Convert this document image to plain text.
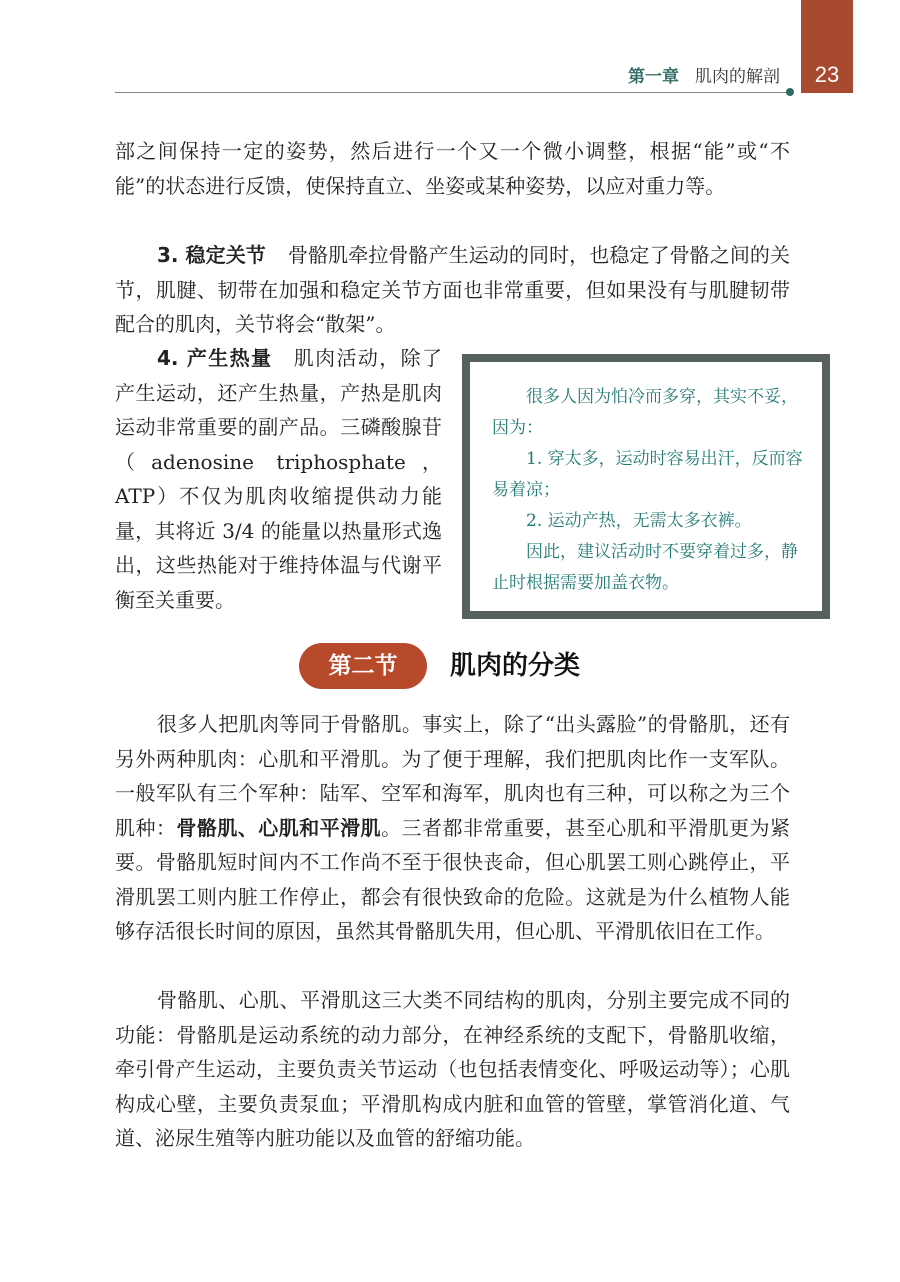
23
第一章 肌肉的解剖
部之间保持一定的姿势，然后进行一个又一个微小调整，根据“能”或“不能”的状态进行反馈，使保持直立、坐姿或某种姿势，以应对重力等。
3. 稳定关节 骨骼肌牵拉骨骼产生运动的同时，也稳定了骨骼之间的关节，肌腱、韧带在加强和稳定关节方面也非常重要，但如果没有与肌腱韧带配合的肌肉，关节将会“散架”。
4. 产生热量 肌肉活动，除了产生运动，还产生热量，产热是肌肉运动非常重要的副产品。三磷酸腺苷（adenosine triphosphate，ATP）不仅为肌肉收缩提供动力能量，其将近 3/4 的能量以热量形式逸出，这些热能对于维持体温与代谢平衡至关重要。

很多人因为怕冷而多穿，其实不妥，因为：

1. 穿太多，运动时容易出汗，反而容易着凉；

2. 运动产热，无需太多衣裤。

因此，建议活动时不要穿着过多，静止时根据需要加盖衣物。

第二节	肌肉的分类
很多人把肌肉等同于骨骼肌。事实上，除了“出头露脸”的骨骼肌，还有另外两种肌肉：心肌和平滑肌。为了便于理解，我们把肌肉比作一支军队。一般军队有三个军种：陆军、空军和海军，肌肉也有三种，可以称之为三个肌种：骨骼肌、心肌和平滑肌。三者都非常重要，甚至心肌和平滑肌更为紧要。骨骼肌短时间内不工作尚不至于很快丧命，但心肌罢工则心跳停止，平滑肌罢工则内脏工作停止，都会有很快致命的危险。这就是为什么植物人能够存活很长时间的原因，虽然其骨骼肌失用，但心肌、平滑肌依旧在工作。
骨骼肌、心肌、平滑肌这三大类不同结构的肌肉，分别主要完成不同的功能：骨骼肌是运动系统的动力部分，在神经系统的支配下，骨骼肌收缩，牵引骨产生运动，主要负责关节运动（也包括表情变化、呼吸运动等）；心肌构成心壁，主要负责泵血；平滑肌构成内脏和血管的管壁，掌管消化道、气道、泌尿生殖等内脏功能以及血管的舒缩功能。
